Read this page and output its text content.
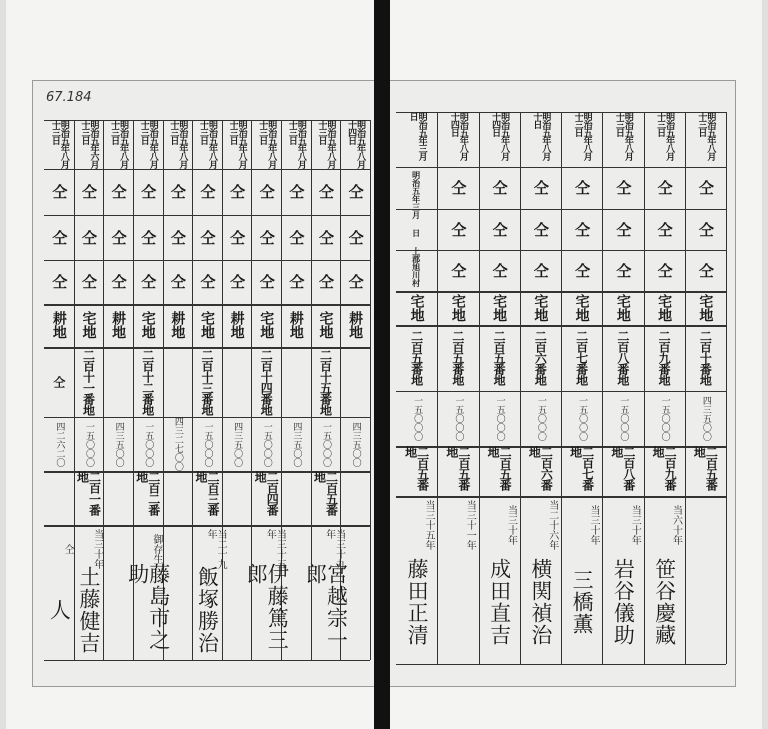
67.184
明治五年八月十四日
仝
仝
仝
耕地
四三五〇〇
明治五年八月十三日
仝
仝
仝
宅地
二百十五番地
一五〇〇〇
二百五番地
当三十九年
宮越宗一郎
明治五年八月十三日
仝
仝
仝
耕地
四三五〇〇
明治五年八月十三日
仝
仝
仝
宅地
二百十四番地
一五〇〇〇
二百四番地
当三十五年
伊藤篤三郎
明治五年八月十三日
仝
仝
仝
耕地
四三五〇〇
明治五年八月十三日
仝
仝
仝
宅地
二百十三番地
一五〇〇〇
二百三番地
当二十九年
飯塚勝治
明治五年八月十三日
仝
仝
仝
耕地
四三二七〇〇
明治五年八月十三日
仝
仝
仝
宅地
二百十二番地
一五〇〇〇
二百二番地
御存生
藤島市之助
明治五年八月十三日
仝
仝
仝
耕地
四三五〇〇
明治五年六月十三日
仝
仝
仝
宅地
二百十一番地
一五〇〇〇
二百一番地
当三十年
土藤健吉
明治五年八月十三日
仝
仝
仝
耕地
仝
四二六二〇
仝
人
明治五年八月十三日
仝
仝
仝
宅地
二百十番地
四三五〇〇
二百五番地
明治五年八月十三日
仝
仝
仝
宅地
二百九番地
一五〇〇〇
二百九番地
当六十年
笹谷慶藏
明治五年八月十三日
仝
仝
仝
宅地
二百八番地
一五〇〇〇
二百八番地
当三十年
岩谷儀助
明治五年八月十三日
仝
仝
仝
宅地
二百七番地
一五〇〇〇
二百七番地
当三十年
三橋薫
明治五年八月十日
仝
仝
仝
宅地
二百六番地
一五〇〇〇
二百六番地
当二十六年
横関禎治
明治五年八月十四日
仝
仝
仝
宅地
二百五番地
一五〇〇〇
二百五番地
当三十年
成田直吉
明治五年八月十四日
仝
仝
仝
宅地
二百五番地
一五〇〇〇
二百五番地
当三十一年
明治五年三月日
明治五年三月 日 上郡旭川村
宅地
二百五番地
一五〇〇〇
二百五番地
当三十五年
藤田正清
